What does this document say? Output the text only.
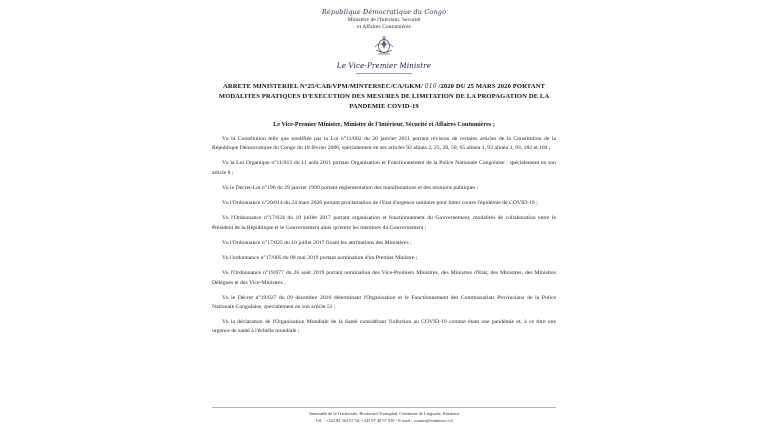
République Démocratique du Congo
Ministère de l'Intérieur, Sécurité
et Affaires Coutumières
Le Vice-Premier Ministre
ARRETE MINISTERIEL N°25/CAB/VPM/MINTERSEC/CA/GKM/ 016 /2020 DU 25 MARS 2020 PORTANT MODALITES PRATIQUES D'EXECUTION DES MESURES DE LIMITATION DE LA PROPAGATION DE LA PANDEMIE COVID-19
Le Vice-Premier Ministre, Ministre de l'Intérieur, Sécurité et Affaires Coutumières ;

Vu la Constitution telle que modifiée par la Loi n°11/002 du 20 janvier 2011 portant révision de certains articles de la Constitution de la République Démocratique du Congo du 18 février 2006, spécialement en ses articles 92 alinéa 2, 25, 28, 50, 65 alinéa 1, 93 alinéa 3, 93, 182 et 184 ;

Vu la Loi Organique n°11/013 du 11 août 2011 portant Organisation et Fonctionnement de la Police Nationale Congolaise ; spécialement en son article 8 ;

Vu le Décret-Loi n°196 du 29 janvier 1999 portant réglementation des manifestations et des réunions publiques ;

Vu l'Ordonnance n°20/014 du 24 mars 2020 portant proclamation de l'Etat d'urgence sanitaire pour lutter contre l'épidémie de COVID-19 ;

Vu l'Ordonnance n°17/024 du 10 juillet 2017 portant organisation et fonctionnement du Gouvernement, modalités de collaboration entre le Président de la République et le Gouvernement ainsi qu'entre les membres du Gouvernement ;

Vu l'Ordonnance n°17/025 du 10 juillet 2017 fixant les attributions des Ministères ;

Vu l'ordonnance n°17/005 du 08 mai 2019 portant nomination d'un Premier Ministre ;

Vu l'Ordonnance n°19/077 du 26 août 2019 portant nomination des Vice-Premiers Ministres, des Ministres d'Etat, des Ministres, des Ministres Délégués et des Vice-Ministres ;

Vu le Décret n°19/027 du 09 décembre 2016 déterminant l'Organisation et le Fonctionnement des Commissariats Provinciaux de la Police Nationale Congolaise, spécialement en son article 51 ;

Vu la déclaration de l'Organisation Mondiale de la Santé considérant l'infection au COVID-19 comme étant une pandémie et, à ce titre une urgence de santé à l'échelle mondiale ;

Immeuble de la Territoriale, Boulevard Triomphal, Commune de Lingwala, Kinshasa
Tél. : +243 82 364 07 50, +243 97 48 57 910 - E-mail : contact@mintersec.cd
